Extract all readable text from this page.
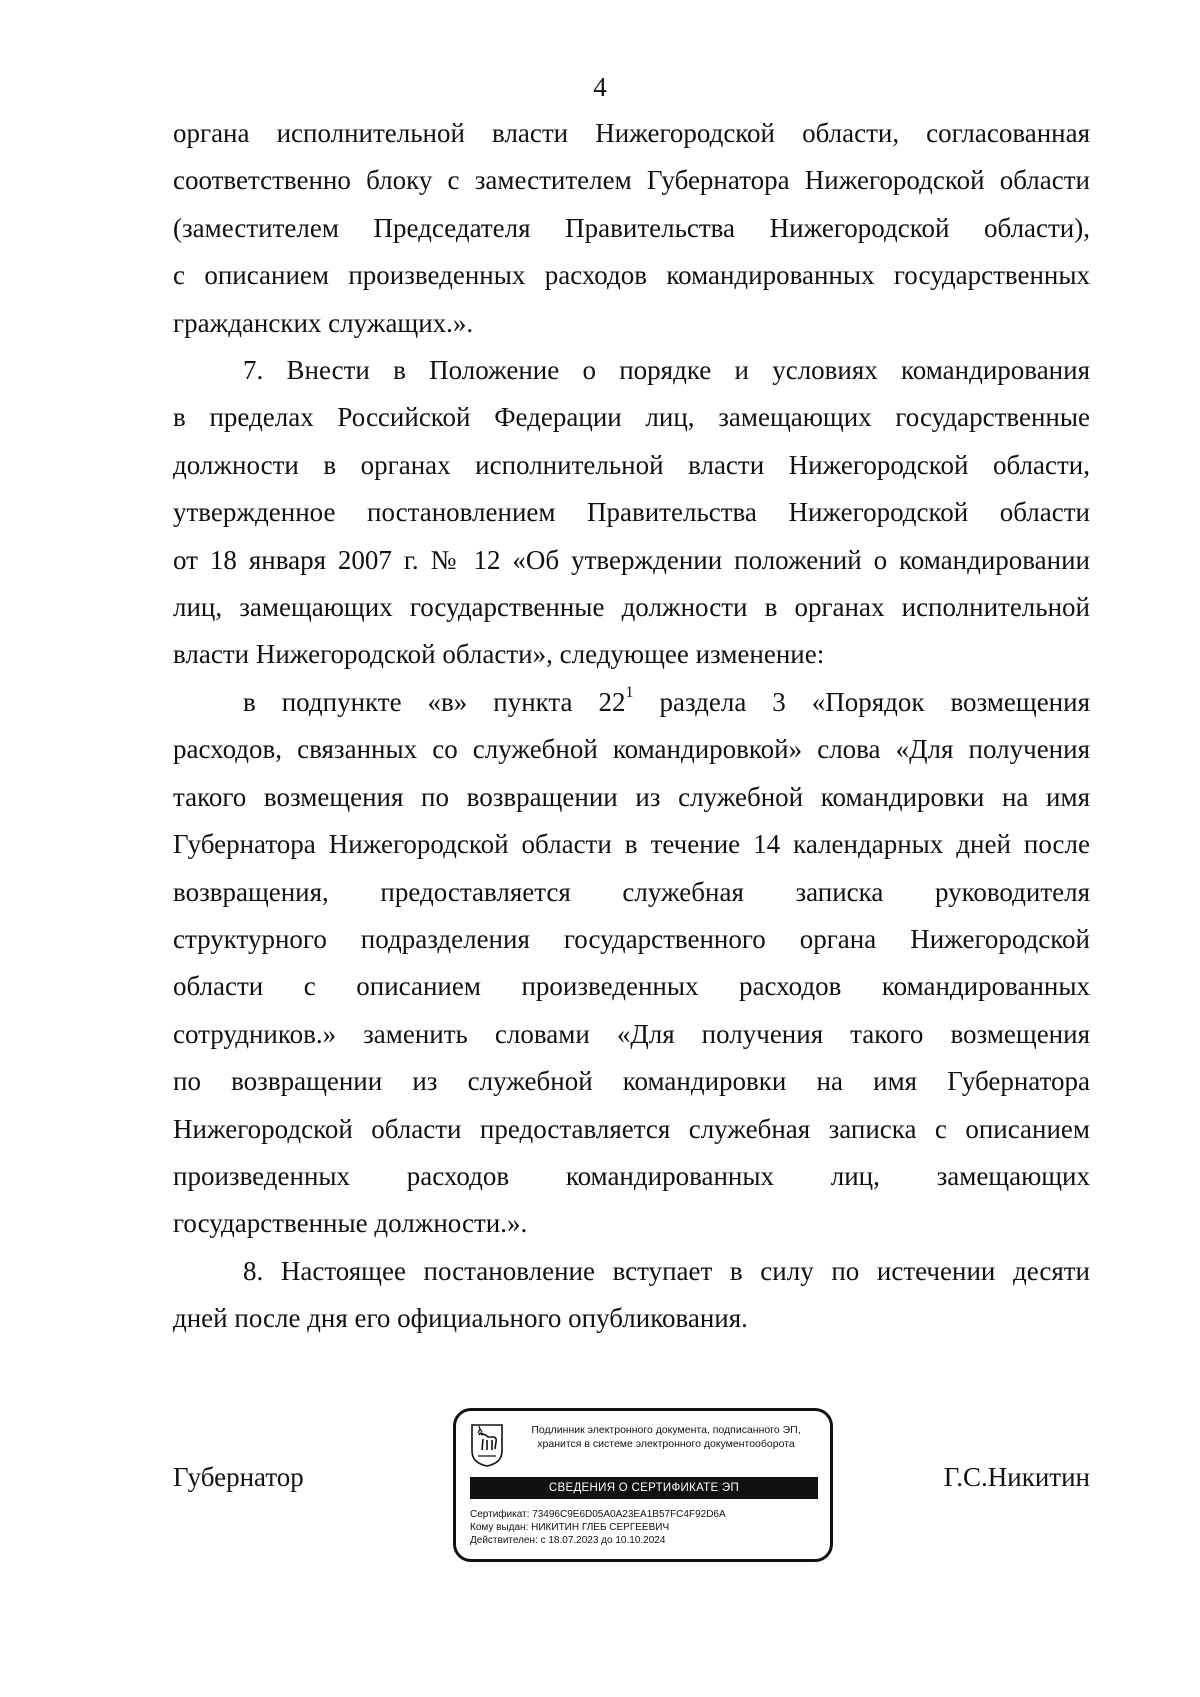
4

органа исполнительной власти Нижегородской области, согласованная

соответственно блоку с заместителем Губернатора Нижегородской области

(заместителем Председателя Правительства Нижегородской области),

с описанием произведенных расходов командированных государственных

гражданских служащих.».

7. Внести в Положение о порядке и условиях командирования

в пределах Российской Федерации лиц, замещающих государственные

должности в органах исполнительной власти Нижегородской области,

утвержденное постановлением Правительства Нижегородской области

от 18 января 2007 г. № 12 «Об утверждении положений о командировании

лиц, замещающих государственные должности в органах исполнительной

власти Нижегородской области», следующее изменение:

в подпункте «в» пункта $22^1$ раздела 3 «Порядок возмещения

расходов, связанных со служебной командировкой» слова «Для получения

такого возмещения по возвращении из служебной командировки на имя

Губернатора Нижегородской области в течение 14 календарных дней после

возвращения, предоставляется служебная записка руководителя

структурного подразделения государственного органа Нижегородской

области с описанием произведенных расходов командированных

сотрудников.» заменить словами «Для получения такого возмещения

по возвращении из служебной командировки на имя Губернатора

Нижегородской области предоставляется служебная записка с описанием

произведенных расходов командированных лиц, замещающих

государственные должности.».

8. Настоящее постановление вступает в силу по истечении десяти

дней после дня его официального опубликования.

Губернатор	Г.С.Никитин
Подлинник электронного документа, подписанного ЭП,
хранится в системе электронного документооборота
СВЕДЕНИЯ О СЕРТИФИКАТЕ ЭП
Сертификат: 73496C9E6D05A0A23EA1B57FC4F92D6A
Кому выдан: НИКИТИН ГЛЕБ СЕРГЕЕВИЧ
Действителен: с 18.07.2023 до 10.10.2024
